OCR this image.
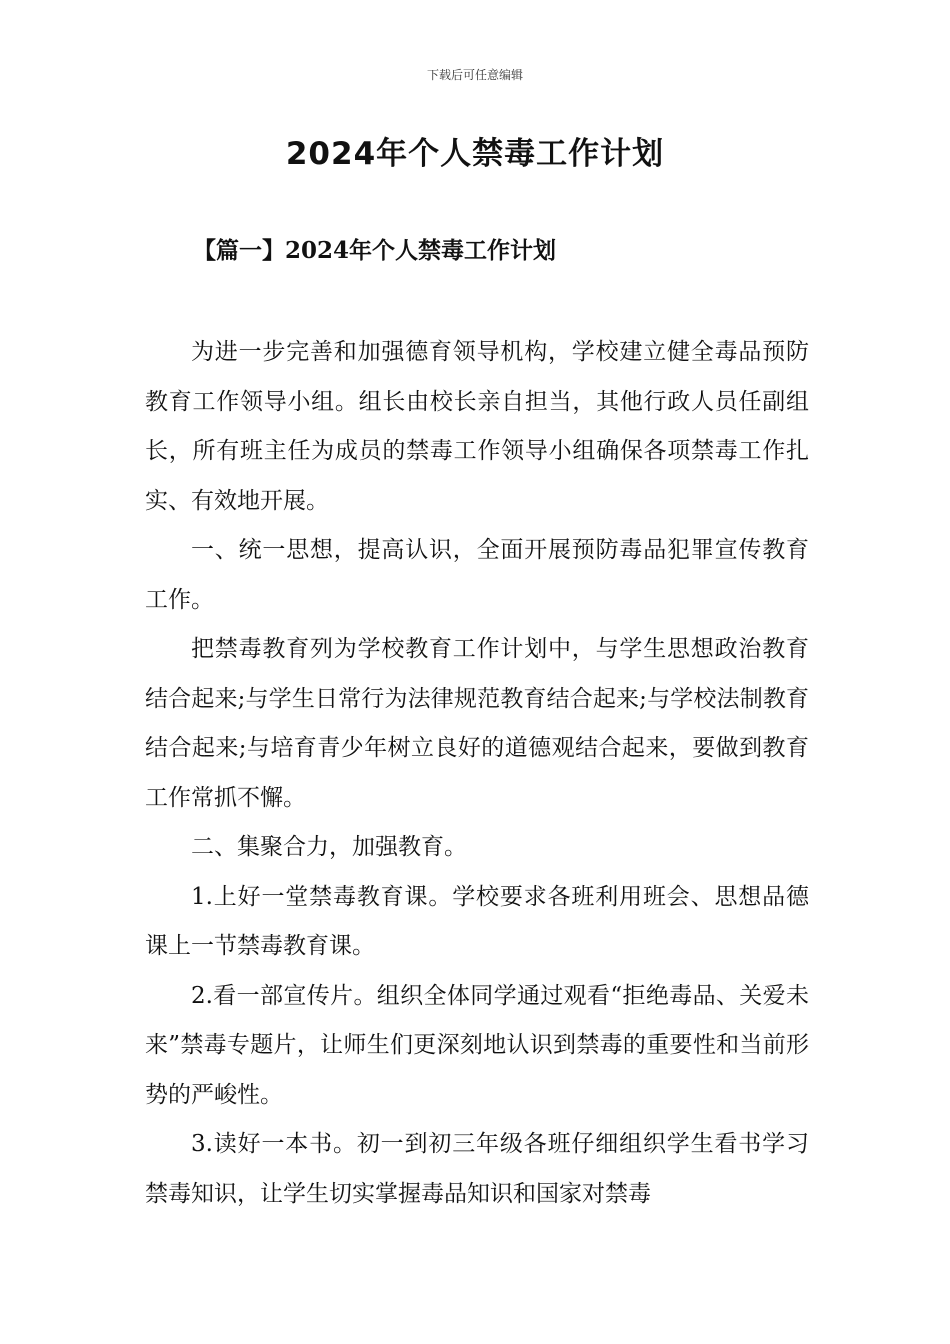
下载后可任意编辑
2024年个人禁毒工作计划
【篇一】2024年个人禁毒工作计划

为进一步完善和加强德育领导机构，学校建立健全毒品预防教育工作领导小组。组长由校长亲自担当，其他行政人员任副组长，所有班主任为成员的禁毒工作领导小组确保各项禁毒工作扎实、有效地开展。

一、统一思想，提高认识，全面开展预防毒品犯罪宣传教育工作。

把禁毒教育列为学校教育工作计划中，与学生思想政治教育结合起来;与学生日常行为法律规范教育结合起来;与学校法制教育结合起来;与培育青少年树立良好的道德观结合起来，要做到教育工作常抓不懈。

二、集聚合力，加强教育。

1.上好一堂禁毒教育课。学校要求各班利用班会、思想品德课上一节禁毒教育课。

2.看一部宣传片。组织全体同学通过观看“拒绝毒品、关爱未来”禁毒专题片，让师生们更深刻地认识到禁毒的重要性和当前形势的严峻性。

3.读好一本书。初一到初三年级各班仔细组织学生看书学习禁毒知识，让学生切实掌握毒品知识和国家对禁毒
